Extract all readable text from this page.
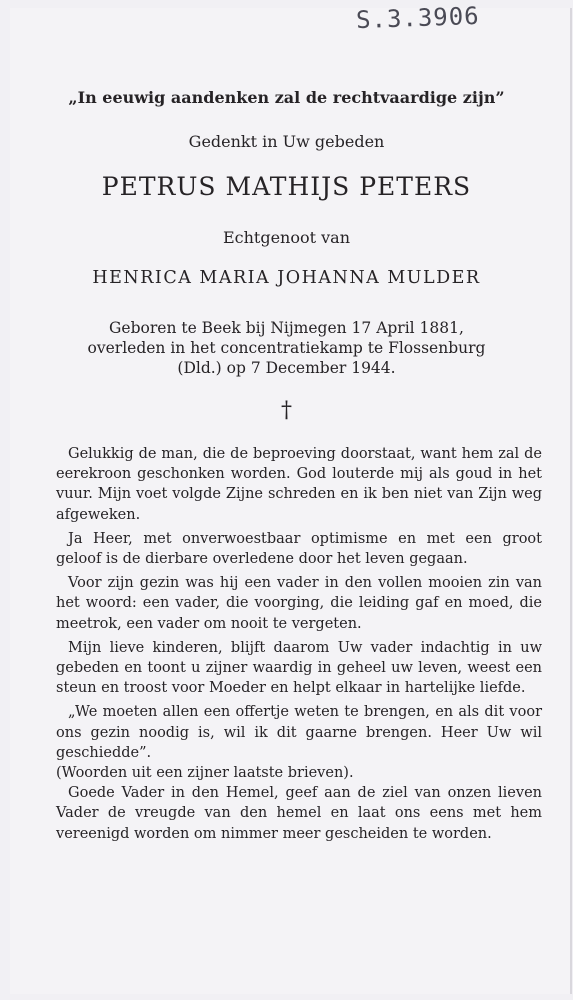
S.3.3906
„In eeuwig aandenken zal de rechtvaardige zijn”
Gedenkt in Uw gebeden
PETRUS MATHIJS PETERS
Echtgenoot van
HENRICA MARIA JOHANNA MULDER
Geboren te Beek bij Nijmegen 17 April 1881,
overleden in het concentratiekamp te Flossenburg
(Dld.) op 7 December 1944.
†

Gelukkig de man, die de beproeving doorstaat, want hem zal de eerekroon geschonken worden. God louterde mij als goud in het vuur. Mijn voet volgde Zijne schreden en ik ben niet van Zijn weg afgeweken.

Ja Heer, met onverwoestbaar optimisme en met een groot geloof is de dierbare overledene door het leven gegaan.

Voor zijn gezin was hij een vader in den vollen mooien zin van het woord: een vader, die voorging, die leiding gaf en moed, die meetrok, een vader om nooit te vergeten.

Mijn lieve kinderen, blijft daarom Uw vader indachtig in uw gebeden en toont u zijner waardig in geheel uw leven, weest een steun en troost voor Moeder en helpt elkaar in hartelijke liefde.

„We moeten allen een offertje weten te brengen, en als dit voor ons gezin noodig is, wil ik dit gaarne brengen. Heer Uw wil geschiedde”.

(Woorden uit een zijner laatste brieven).

Goede Vader in den Hemel, geef aan de ziel van onzen lieven Vader de vreugde van den hemel en laat ons eens met hem vereenigd worden om nimmer meer gescheiden te worden.
